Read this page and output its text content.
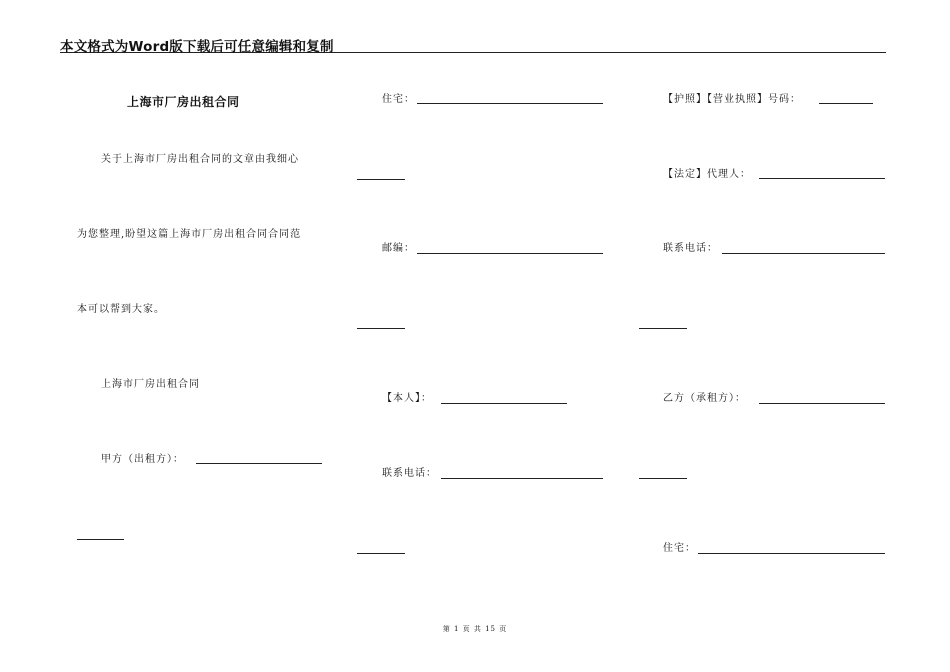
本文格式为Word版下载后可任意编辑和复制
上海市厂房出租合同
关于上海市厂房出租合同的文章由我细心
为您整理,盼望这篇上海市厂房出租合同合同范
本可以帮到大家。
上海市厂房出租合同
甲方（出租方）：
住宅：
邮编：
【本人】：
联系电话：
【护照】【营业执照】号码：
【法定】代理人：
联系电话：
乙方（承租方）：
住宅：
第 1 页 共 15 页
